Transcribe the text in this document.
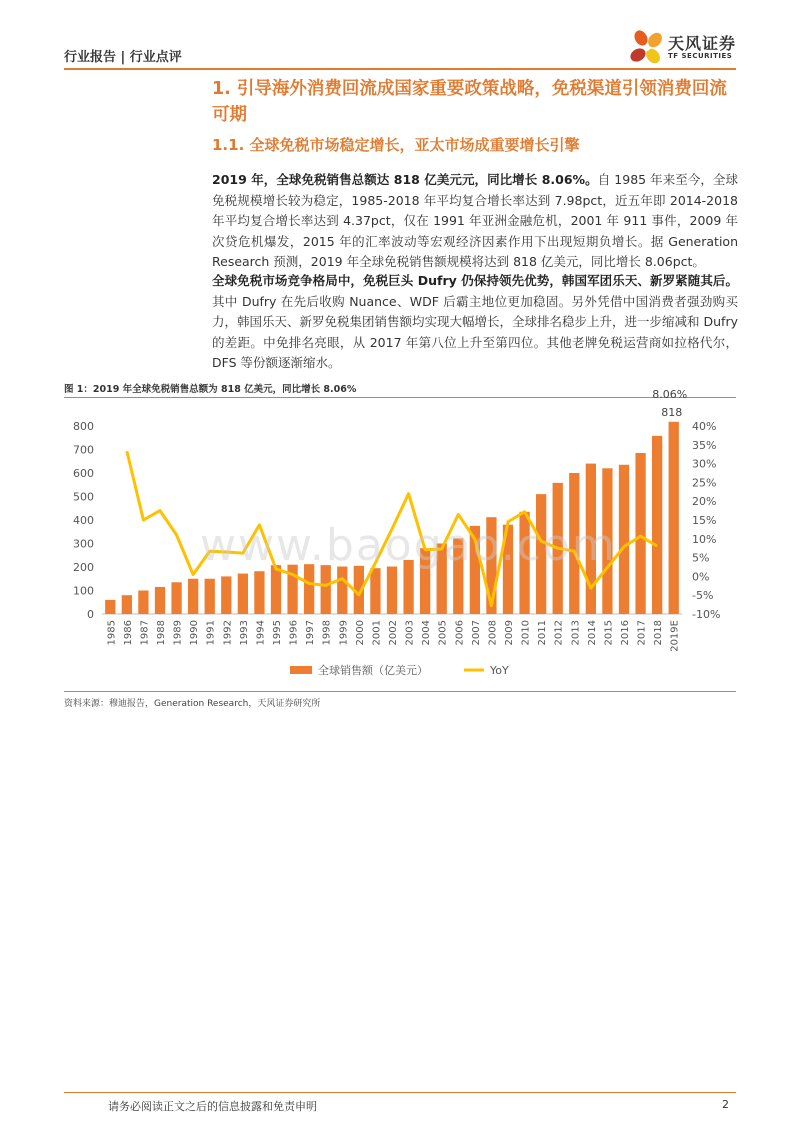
行业报告 | 行业点评
天风证券
TF SECURITIES
1. 引导海外消费回流成国家重要政策战略，免税渠道引领消费回流可期
1.1. 全球免税市场稳定增长，亚太市场成重要增长引擎
2019 年，全球免税销售总额达 818 亿美元元，同比增长 8.06%。自 1985 年来至今，全球免税规模增长较为稳定，1985-2018 年平均复合增长率达到 7.98pct，近五年即 2014-2018 年平均复合增长率达到 4.37pct，仅在 1991 年亚洲金融危机，2001 年 911 事件，2009 年次贷危机爆发，2015 年的汇率波动等宏观经济因素作用下出现短期负增长。据 Generation Research 预测，2019 年全球免税销售额规模将达到 818 亿美元，同比增长 8.06pct。
全球免税市场竞争格局中，免税巨头 Dufry 仍保持领先优势，韩国军团乐天、新罗紧随其后。其中 Dufry 在先后收购 Nuance、WDF 后霸主地位更加稳固。另外凭借中国消费者强劲购买力，韩国乐天、新罗免税集团销售额均实现大幅增长，全球排名稳步上升，进一步缩减和 Dufry 的差距。中免排名亮眼，从 2017 年第八位上升至第四位。其他老牌免税运营商如拉格代尔，DFS 等份额逐渐缩水。
图 1：2019 年全球免税销售总额为 818 亿美元，同比增长 8.06%
0
100
200
300
400
500
600
700
800
-10%
-5%
0%
5%
10%
15%
20%
25%
30%
35%
40%
1985 1986 1987 1988 1989 1990 1991 1992 1993 1994 1995 1996 1997 1998 1999 2000 2001 2002 2003 2004 2005 2006 2007 2008 2009 2010 2011 2012 2013 2014 2015 2016 2017 2018 2019E
818
8.06%
全球销售额（亿美元）	YoY
www.baogao.com
资料来源：穆迪报告，Generation Research，天风证券研究所
请务必阅读正文之后的信息披露和免责申明	2
